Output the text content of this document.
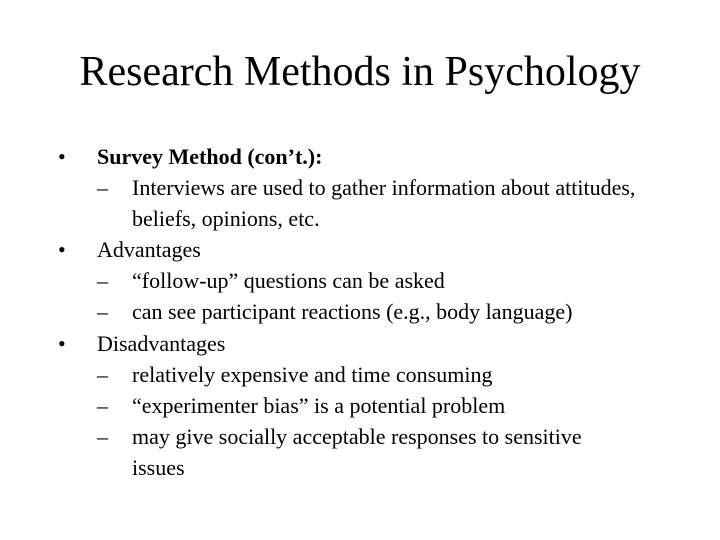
Research Methods in Psychology
• Survey Method (con’t.):
– Interviews are used to gather information about attitudes, beliefs, opinions, etc.
• Advantages
– “follow-up” questions can be asked
– can see participant reactions (e.g., body language)
• Disadvantages
– relatively expensive and time consuming
– “experimenter bias” is a potential problem
– may give socially acceptable responses to sensitive issues
